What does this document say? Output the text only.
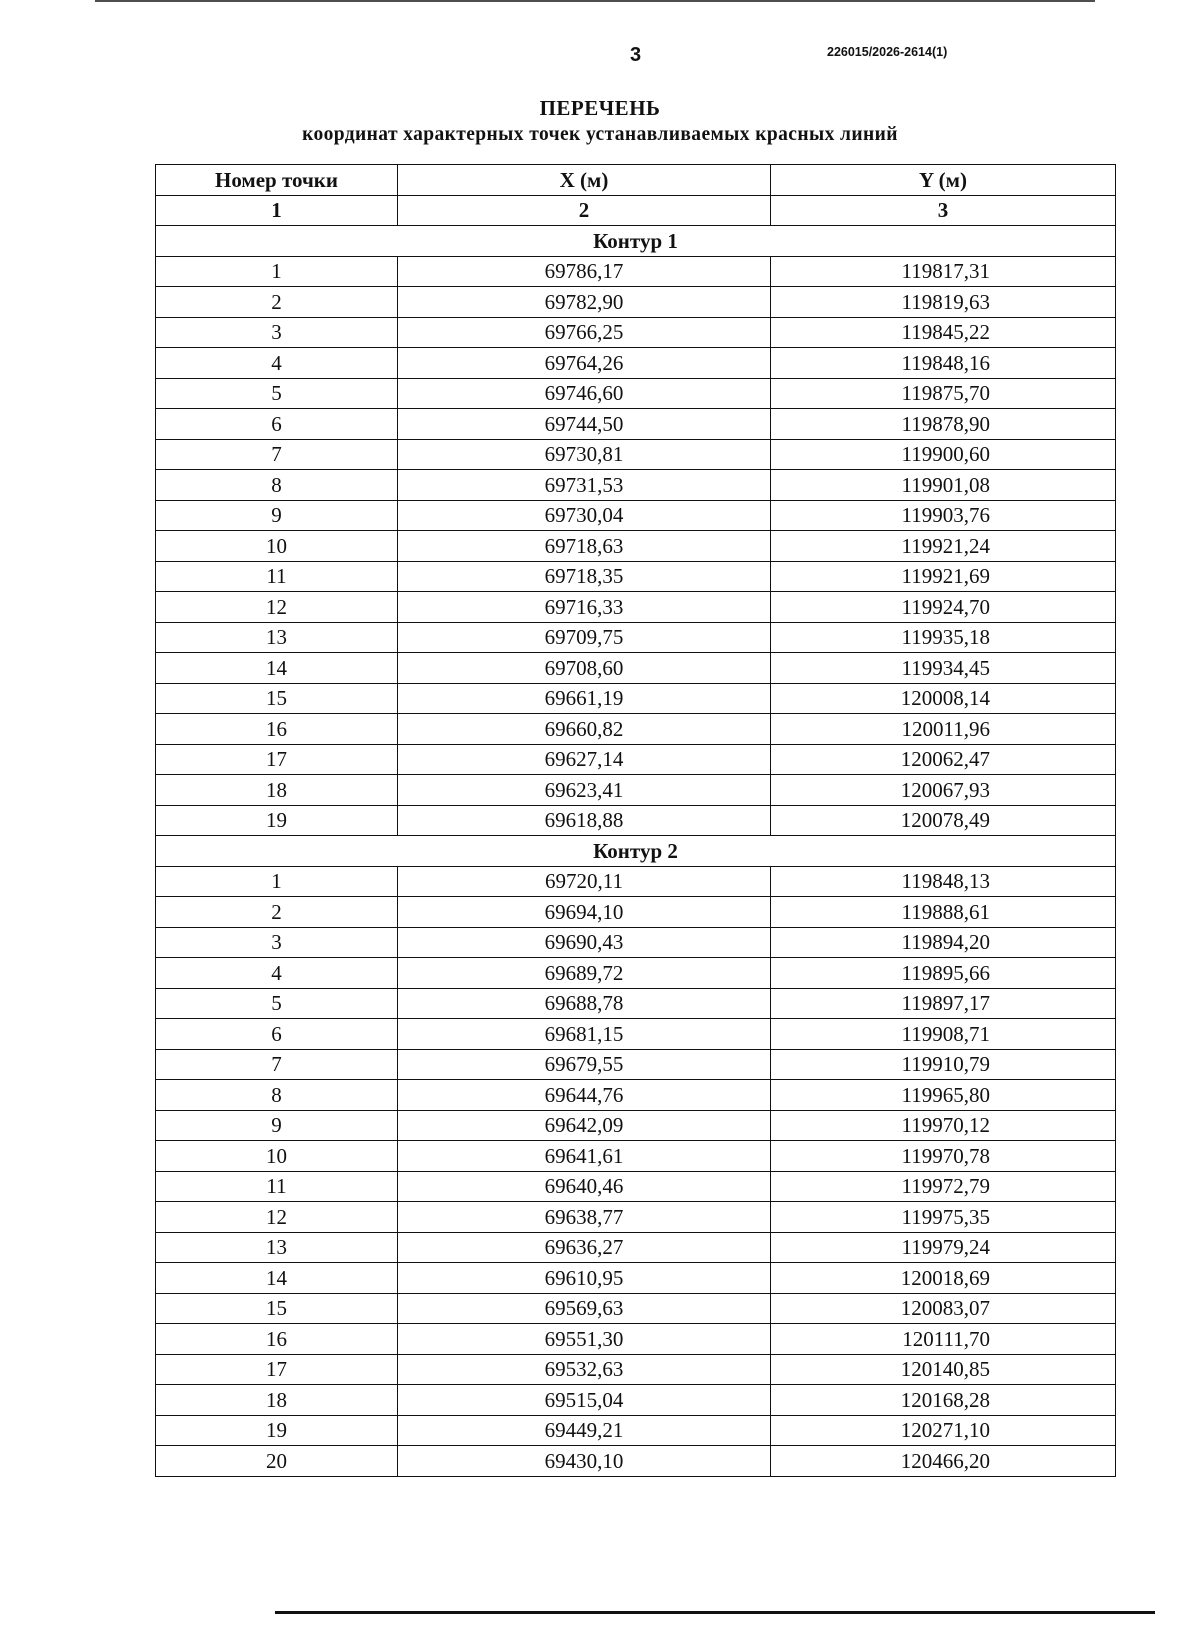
3	226015/2026-2614(1)
ПЕРЕЧЕНЬ
координат характерных точек устанавливаемых красных линий
Номер точки	X (м)	Y (м)
1	2	3
Контур 1		
1	69786,17	119817,31
2	69782,90	119819,63
3	69766,25	119845,22
4	69764,26	119848,16
5	69746,60	119875,70
6	69744,50	119878,90
7	69730,81	119900,60
8	69731,53	119901,08
9	69730,04	119903,76
10	69718,63	119921,24
11	69718,35	119921,69
12	69716,33	119924,70
13	69709,75	119935,18
14	69708,60	119934,45
15	69661,19	120008,14
16	69660,82	120011,96
17	69627,14	120062,47
18	69623,41	120067,93
19	69618,88	120078,49
Контур 2		
1	69720,11	119848,13
2	69694,10	119888,61
3	69690,43	119894,20
4	69689,72	119895,66
5	69688,78	119897,17
6	69681,15	119908,71
7	69679,55	119910,79
8	69644,76	119965,80
9	69642,09	119970,12
10	69641,61	119970,78
11	69640,46	119972,79
12	69638,77	119975,35
13	69636,27	119979,24
14	69610,95	120018,69
15	69569,63	120083,07
16	69551,30	120111,70
17	69532,63	120140,85
18	69515,04	120168,28
19	69449,21	120271,10
20	69430,10	120466,20
